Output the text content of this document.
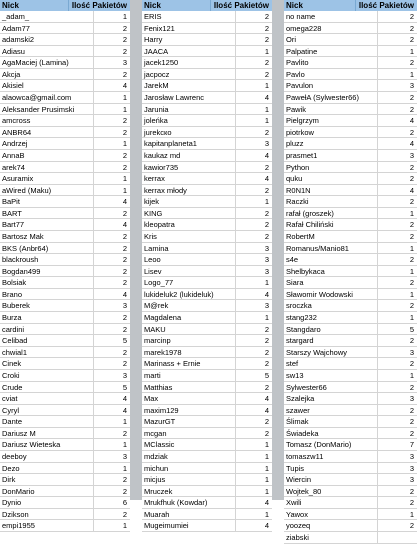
Nick	Ilość Pakietów
_adam_	1
Adam77	2
adamski2	2
Adiasu	2
AgaMaciej (Lamina)	3
Akcja	2
Akisiel	4
alaowca@gmail.com	1
Aleksander Prusimski	1
amcross	2
ANBR64	2
Andrzej	1
AnnaB	2
arek74	2
Asuramix	1
aWired (Maku)	1
BaPit	4
BART	2
Bart77	4
Bartosz Mak	2
BKS (Anbr64)	2
blackroush	2
Bogdan499	2
Bolsiak	2
Brano	4
Buberek	3
Burza	2
cardini	2
Celibad	5
chwial1	2
Cinek	2
Croki	3
Crude	5
cviat	4
Cyryl	4
Dante	1
Dariusz M	2
Dariusz Wieteska	1
deeboy	3
Dezo	1
Dirk	2
DonMario	2
Dynio	6
Dzikson	2
empi1955	1
Nick	Ilość Pakietów
ERIS	2
Fenix121	2
Harry	2
JAACA	1
jacek1250	2
jacpocz	2
JarekM	1
Jarosław Lawrenc	4
Jarunia	1
joleńka	1
jurekско	2
kapitanplaneta1	3
kaukaz md	4
kawior735	2
kerrax	4
kerrax młody	2
kijek	1
KING	2
kleopatra	2
Kris	2
Lamina	3
Leoo	3
Lisev	3
Logo_77	1
lukideluk2 (lukideluk)	4
M@rek	3
Magdalena	1
MAKU	2
marcinp	2
marek1978	2
Marinass + Ernie	2
marti	5
Matthias	2
Max	4
maxim129	4
MazurGT	2
mcgan	2
MClassic	1
mdziak	1
michun	1
micjus	1
Mruczek	1
Mrukfhuk (Kowdar)	4
Muarah	1
Mugeimumiei	4
Nick	Ilość Pakietów
no name	2
omega228	2
Ori	2
Palpatine	1
Pavlito	2
Pavlo	1
Pavulon	3
PawełA (Sylwester66)	2
Pawik	2
Pielgrzym	4
piotrkow	2
pluzz	4
prasmet1	3
Python	2
quku	2
R0N1N	4
Raczki	2
rafał (groszek)	1
Rafał Chiliński	2
RobertM	2
Romanus/Manio81	1
s4e	2
Shelbykaca	1
Siara	2
Sławomir Wodowski	1
sroczka	2
stang232	1
Stangdaro	5
stargard	2
Starszy Wajchowy	3
stef	2
sw13	1
Sylwester66	2
Szalejka	3
szawer	2
Ślimak	2
Świadeka	2
Tomasz (DonMario)	7
tomaszw11	3
Tupis	3
Wiercin	3
Wojtek_80	2
Xwili	2
Yawox	1
yoozeq	2
ziabski
